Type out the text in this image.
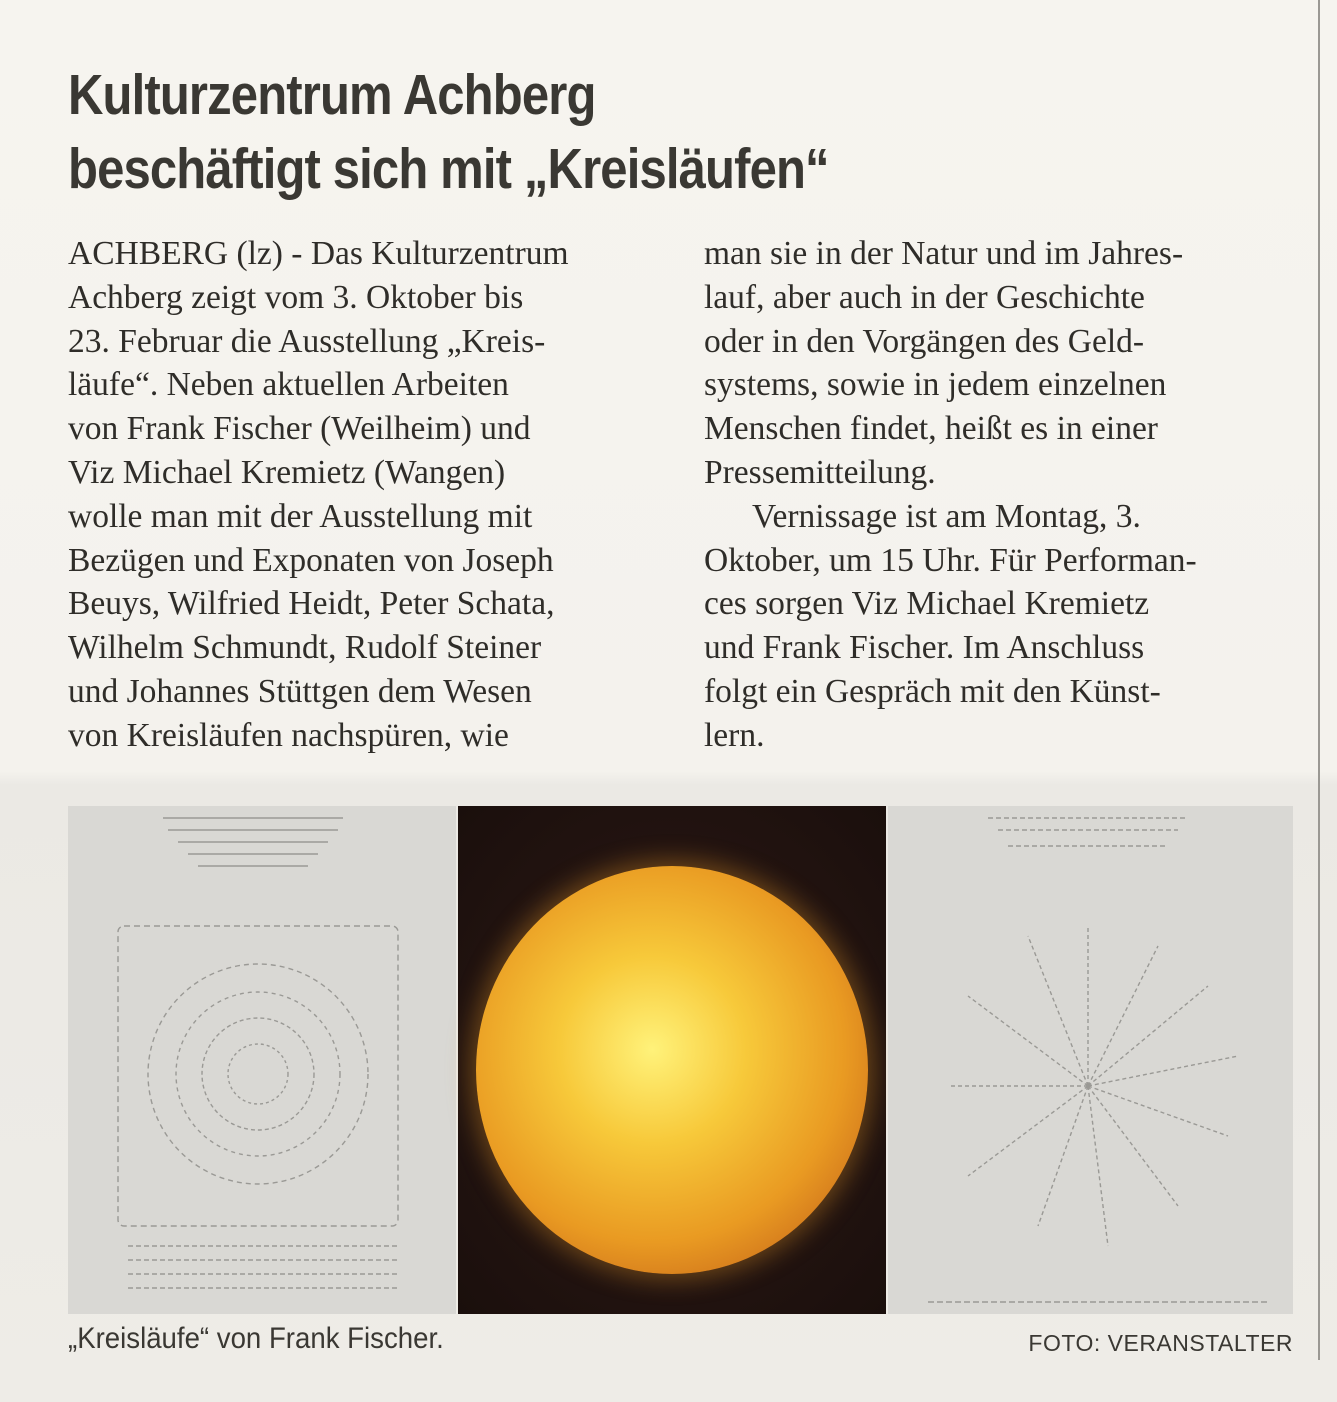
Kulturzentrum Achberg
beschäftigt sich mit „Kreisläufen“

ACHBERG (lz) - Das Kulturzentrum

Achberg zeigt vom 3. Oktober bis

23. Februar die Ausstellung „Kreis-

läufe“. Neben aktuellen Arbeiten

von Frank Fischer (Weilheim) und

Viz Michael Kremietz (Wangen)

wolle man mit der Ausstellung mit

Bezügen und Exponaten von Joseph

Beuys, Wilfried Heidt, Peter Schata,

Wilhelm Schmundt, Rudolf Steiner

und Johannes Stüttgen dem Wesen

von Kreisläufen nachspüren, wie

man sie in der Natur und im Jahres-

lauf, aber auch in der Geschichte

oder in den Vorgängen des Geld-

systems, sowie in jedem einzelnen

Menschen findet, heißt es in einer

Pressemitteilung.

Vernissage ist am Montag, 3.

Oktober, um 15 Uhr. Für Performan-

ces sorgen Viz Michael Kremietz

und Frank Fischer. Im Anschluss

folgt ein Gespräch mit den Künst-

lern.

„Kreisläufe“ von Frank Fischer.	FOTO: VERANSTALTER
